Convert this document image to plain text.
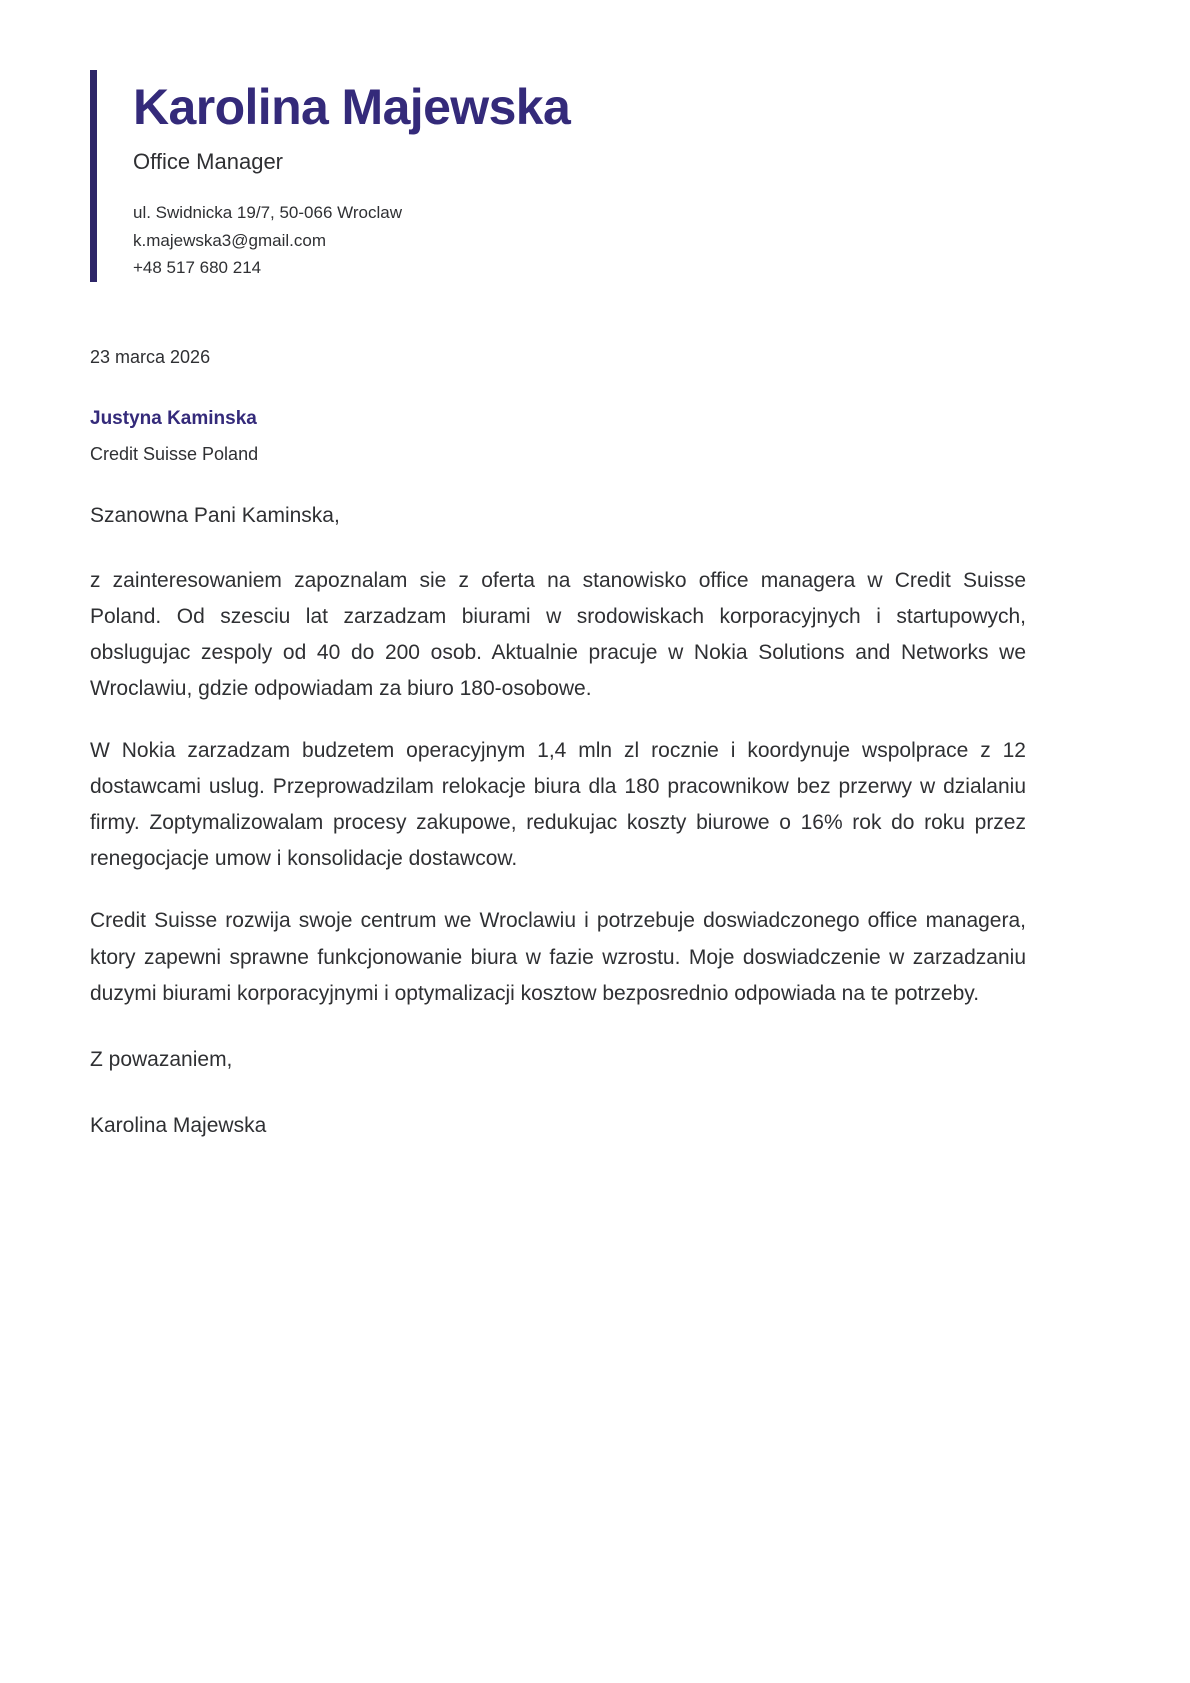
Karolina Majewska
Office Manager
ul. Swidnicka 19/7, 50-066 Wroclaw
k.majewska3@gmail.com
+48 517 680 214
23 marca 2026
Justyna Kaminska
Credit Suisse Poland
Szanowna Pani Kaminska,

z zainteresowaniem zapoznalam sie z oferta na stanowisko office managera w Credit Suisse Poland. Od szesciu lat zarzadzam biurami w srodowiskach korporacyjnych i startupowych, obslugujac zespoly od 40 do 200 osob. Aktualnie pracuje w Nokia Solutions and Networks we Wroclawiu, gdzie odpowiadam za biuro 180-osobowe.

W Nokia zarzadzam budzetem operacyjnym 1,4 mln zl rocznie i koordynuje wspolprace z 12 dostawcami uslug. Przeprowadzilam relokacje biura dla 180 pracownikow bez przerwy w dzialaniu firmy. Zoptymalizowalam procesy zakupowe, redukujac koszty biurowe o 16% rok do roku przez renegocjacje umow i konsolidacje dostawcow.

Credit Suisse rozwija swoje centrum we Wroclawiu i potrzebuje doswiadczonego office managera, ktory zapewni sprawne funkcjonowanie biura w fazie wzrostu. Moje doswiadczenie w zarzadzaniu duzymi biurami korporacyjnymi i optymalizacji kosztow bezposrednio odpowiada na te potrzeby.

Z powazaniem,
Karolina Majewska
